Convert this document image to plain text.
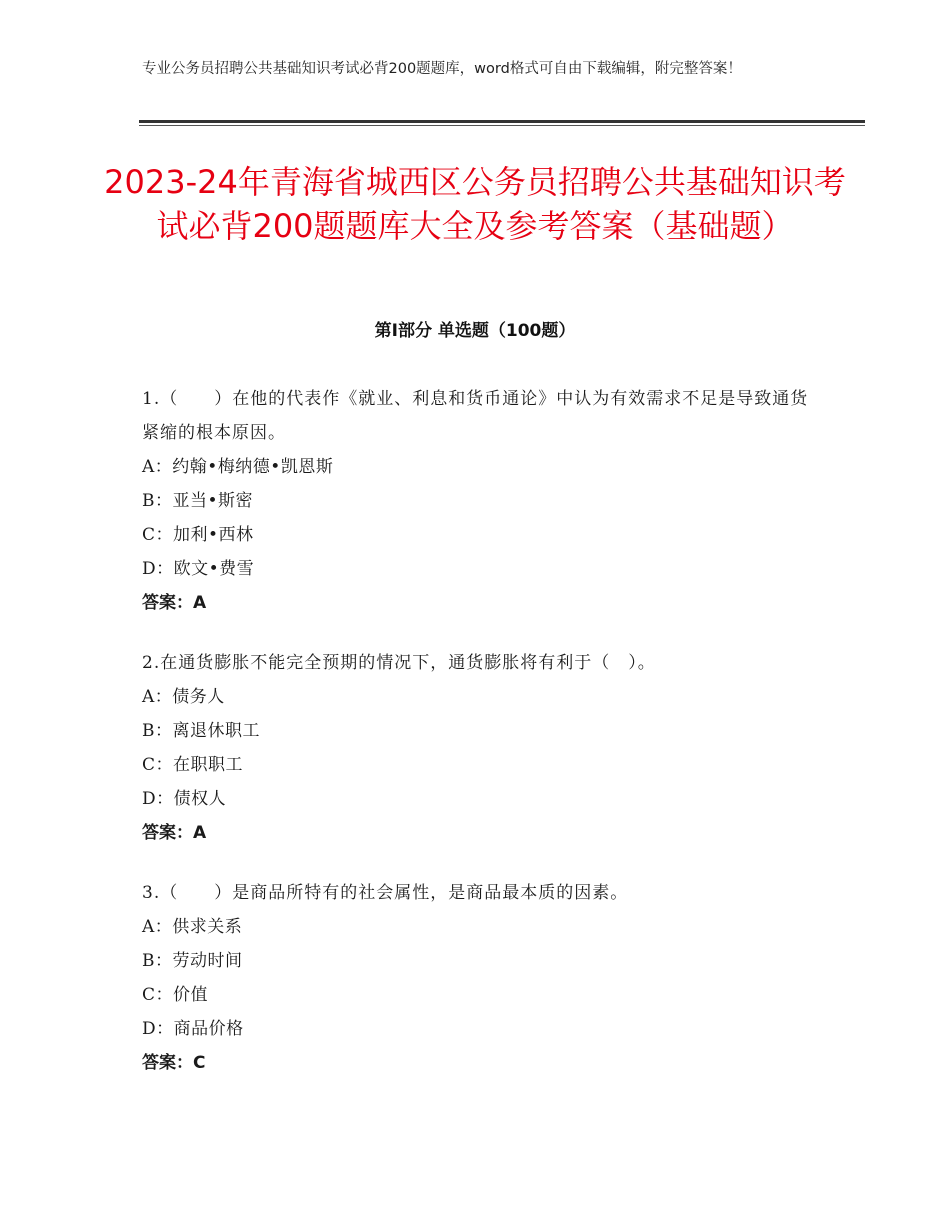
专业公务员招聘公共基础知识考试必背200题题库，word格式可自由下载编辑，附完整答案！
2023-24年青海省城西区公务员招聘公共基础知识考试必背200题题库大全及参考答案（基础题）
第Ⅰ部分 单选题（100题）
1.（　　）在他的代表作《就业、利息和货币通论》中认为有效需求不足是导致通货紧缩的根本原因。
A：约翰•梅纳德•凯恩斯
B：亚当•斯密
C：加利•西林
D：欧文•费雪
答案：A
2.在通货膨胀不能完全预期的情况下，通货膨胀将有利于（　）。
A：债务人
B：离退休职工
C：在职职工
D：债权人
答案：A
3.（　　）是商品所特有的社会属性，是商品最本质的因素。
A：供求关系
B：劳动时间
C：价值
D：商品价格
答案：C
